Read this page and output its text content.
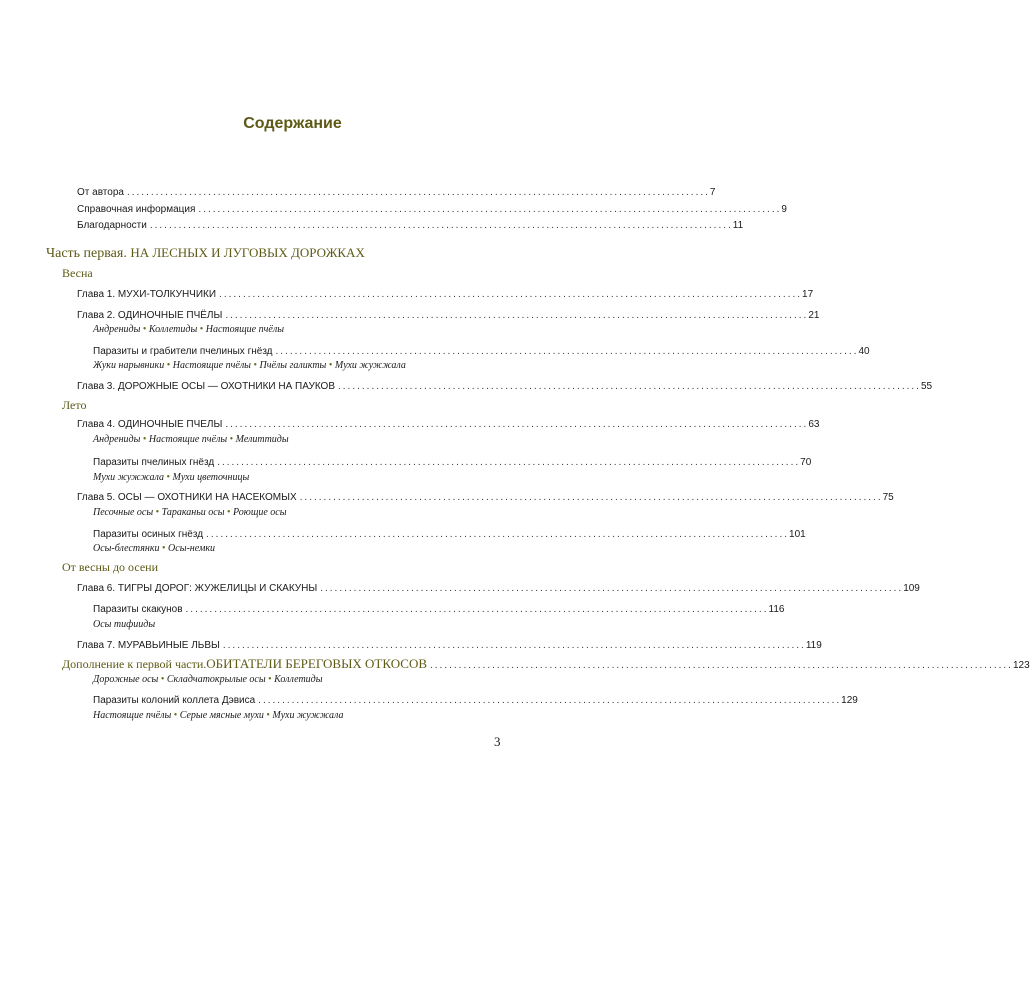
Содержание
От автора .......................................................................................................................... 7
Справочная информация .......................................................................................................................... 9
Благодарности .......................................................................................................................... 11
Часть первая. НА ЛЕСНЫХ И ЛУГОВЫХ ДОРОЖКАХ
Весна
Глава 1. МУХИ-ТОЛКУНЧИКИ .......................................................................................................................... 17
Глава 2. ОДИНОЧНЫЕ ПЧЁЛЫ .......................................................................................................................... 21
Андрениды • Коллетиды • Настоящие пчёлы
Паразиты и грабители пчелиных гнёзд .......................................................................................................................... 40
Жуки нарывники • Настоящие пчёлы • Пчёлы галикты • Мухи жужжала
Глава 3. ДОРОЖНЫЕ ОСЫ — ОХОТНИКИ НА ПАУКОВ .......................................................................................................................... 55
Лето
Глава 4. ОДИНОЧНЫЕ ПЧЕЛЫ .......................................................................................................................... 63
Андрениды • Настоящие пчёлы • Мелиттиды
Паразиты пчелиных гнёзд .......................................................................................................................... 70
Мухи жужжала • Мухи цветочницы
Глава 5. ОСЫ — ОХОТНИКИ НА НАСЕКОМЫХ .......................................................................................................................... 75
Песочные осы • Тараканьи осы • Роющие осы
Паразиты осиных гнёзд .......................................................................................................................... 101
Осы-блестянки • Осы-немки
От весны до осени
Глава 6. ТИГРЫ ДОРОГ: ЖУЖЕЛИЦЫ И СКАКУНЫ .......................................................................................................................... 109
Паразиты скакунов .......................................................................................................................... 116
Осы тифииды
Глава 7. МУРАВЬИНЫЕ ЛЬВЫ .......................................................................................................................... 119
Дополнение к первой части. ОБИТАТЕЛИ БЕРЕГОВЫХ ОТКОСОВ .......................................................................................................................... 123
Дорожные осы • Складчатокрылые осы • Коллетиды
Паразиты колоний коллета Дэвиса .......................................................................................................................... 129
Настоящие пчёлы • Серые мясные мухи • Мухи жужжала
3
